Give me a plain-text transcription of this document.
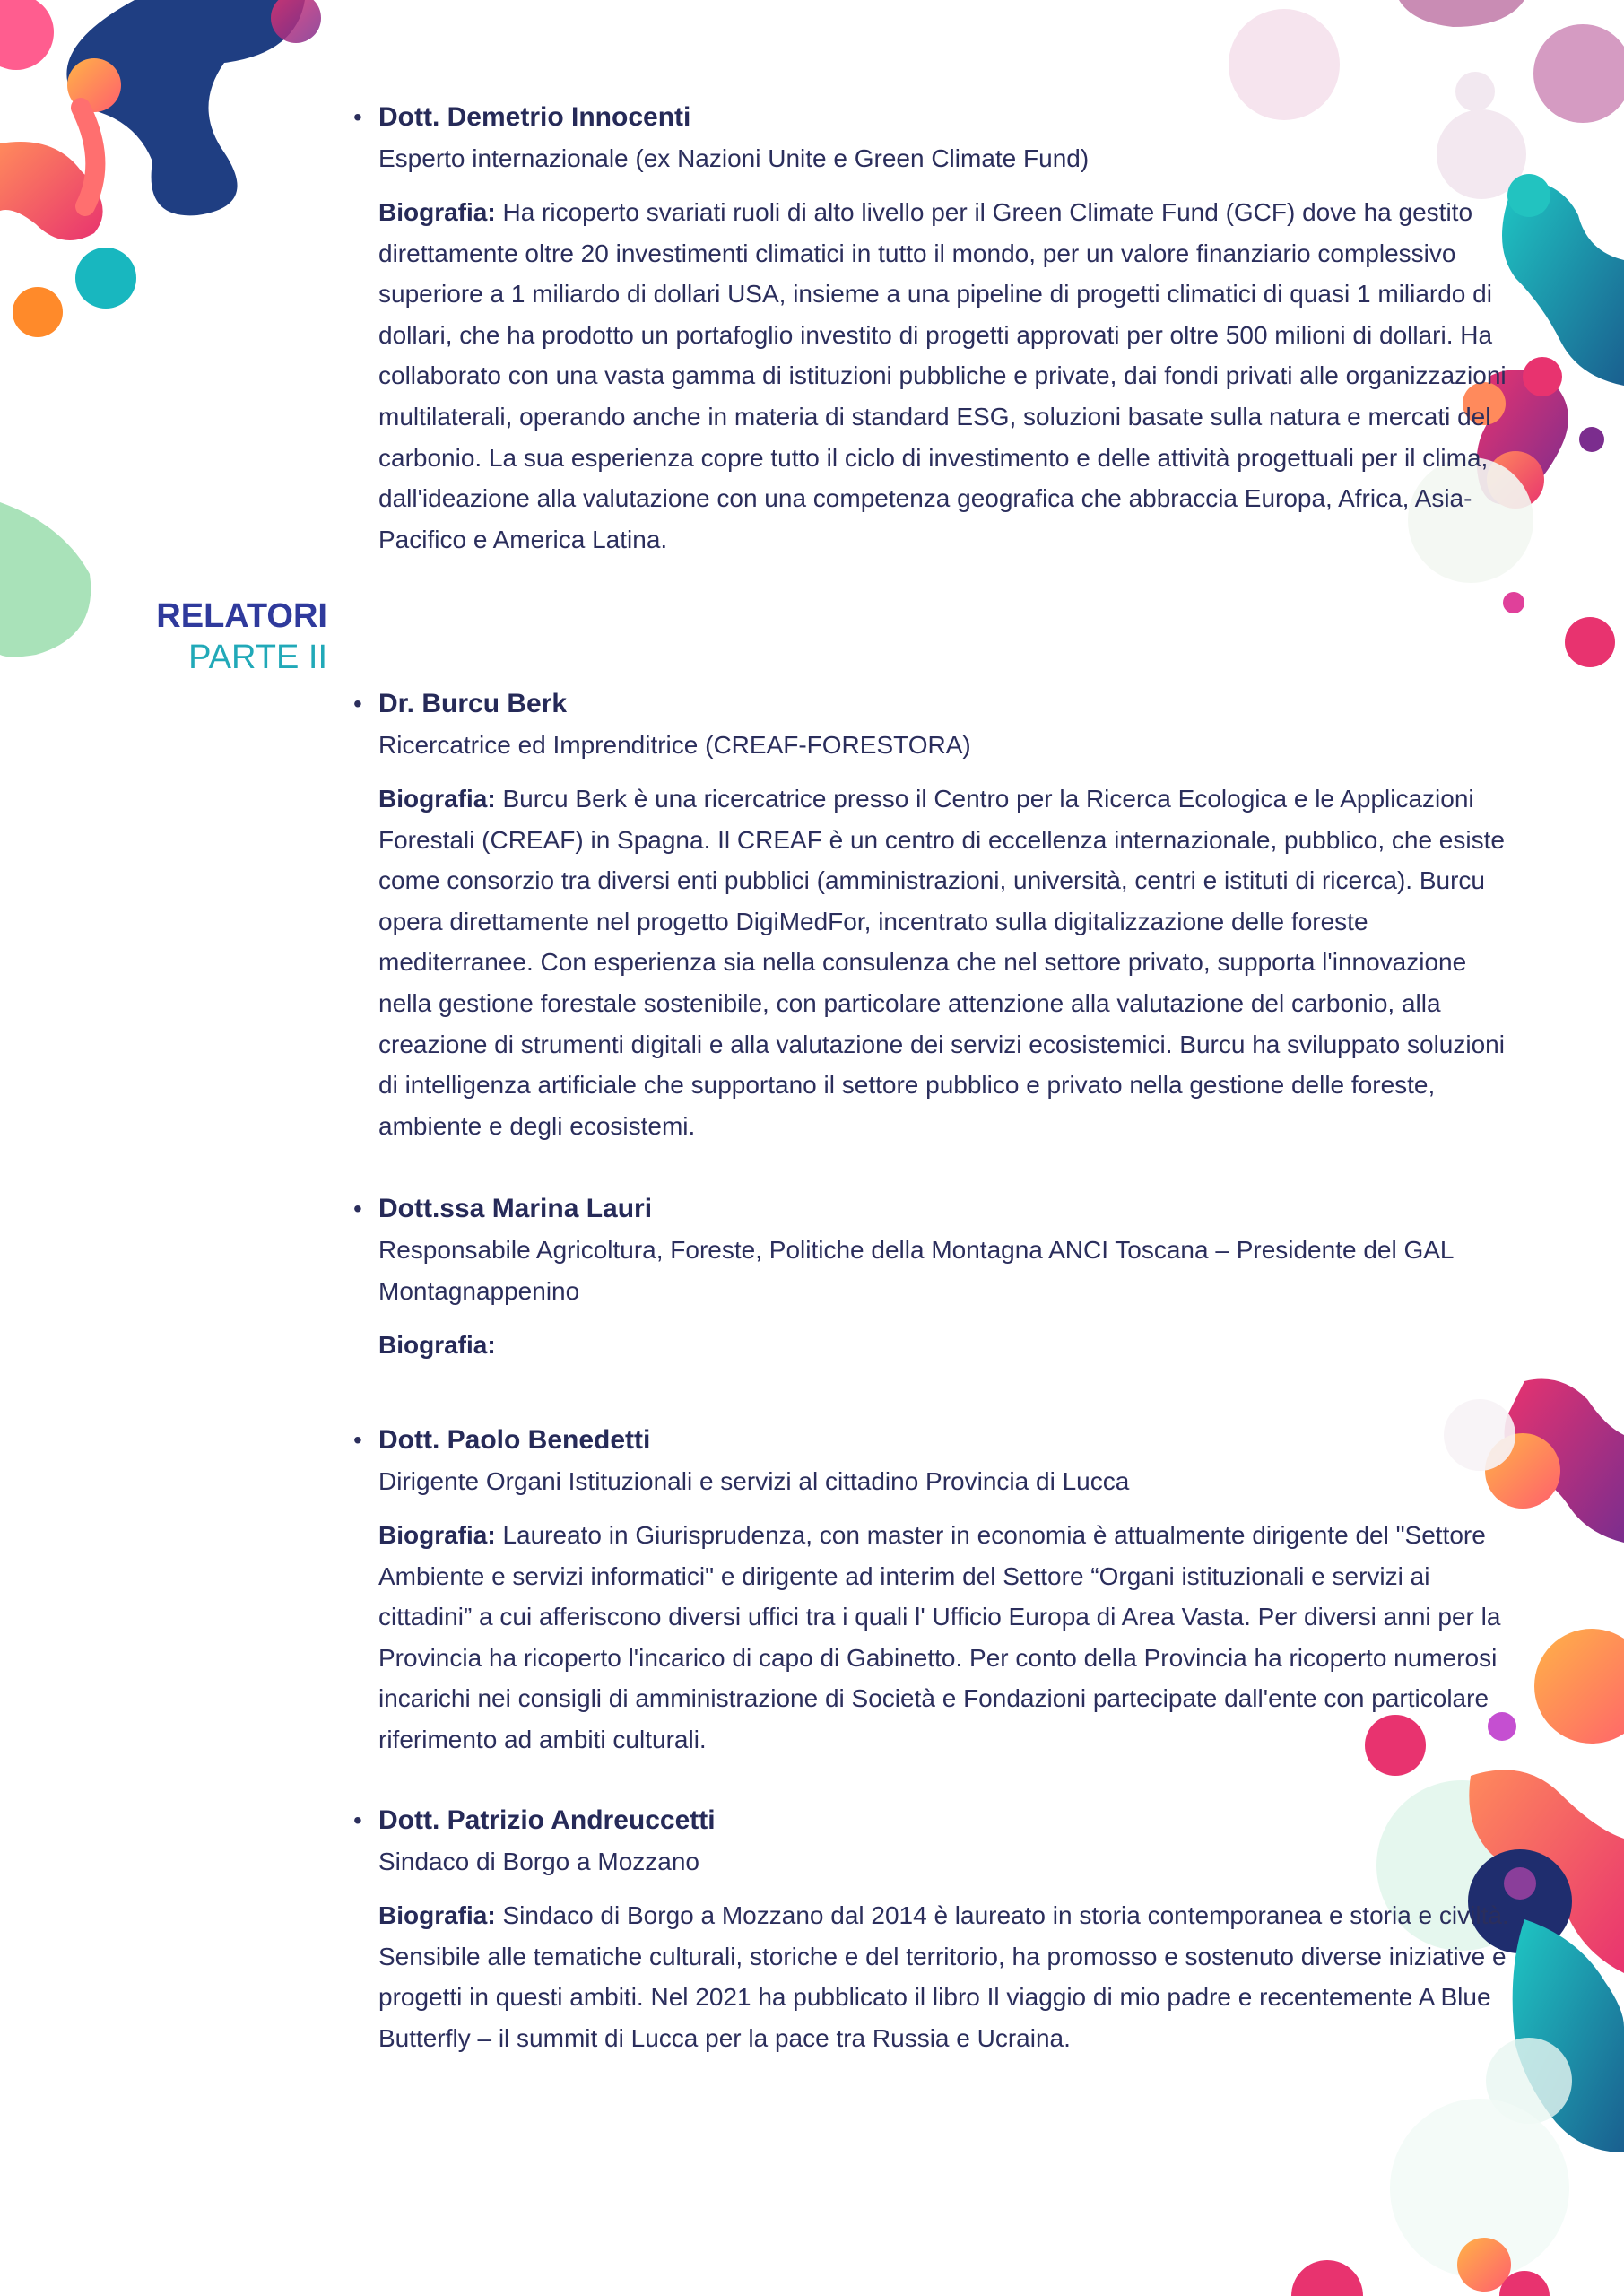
RELATORI
PARTE II
• Dott. Demetrio Innocenti

Esperto internazionale (ex Nazioni Unite e Green Climate Fund)

Biografia: Ha ricoperto svariati ruoli di alto livello per il Green Climate Fund (GCF) dove ha gestito direttamente oltre 20 investimenti climatici in tutto il mondo, per un valore finanziario complessivo superiore a 1 miliardo di dollari USA, insieme a una pipeline di progetti climatici di quasi 1 miliardo di dollari, che ha prodotto un portafoglio investito di progetti approvati per oltre 500 milioni di dollari. Ha collaborato con una vasta gamma di istituzioni pubbliche e private, dai fondi privati alle organizzazioni multilaterali, operando anche in materia di standard ESG, soluzioni basate sulla natura e mercati del carbonio. La sua esperienza copre tutto il ciclo di investimento e delle attività progettuali per il clima, dall'ideazione alla valutazione con una competenza geografica che abbraccia Europa, Africa, Asia-Pacifico e America Latina.

• Dr. Burcu Berk

Ricercatrice ed Imprenditrice (CREAF-FORESTORA)

Biografia: Burcu Berk è una ricercatrice presso il Centro per la Ricerca Ecologica e le Applicazioni Forestali (CREAF) in Spagna. Il CREAF è un centro di eccellenza internazionale, pubblico, che esiste come consorzio tra diversi enti pubblici (amministrazioni, università, centri e istituti di ricerca). Burcu opera direttamente nel progetto DigiMedFor, incentrato sulla digitalizzazione delle foreste mediterranee. Con esperienza sia nella consulenza che nel settore privato, supporta l'innovazione nella gestione forestale sostenibile, con particolare attenzione alla valutazione del carbonio, alla creazione di strumenti digitali e alla valutazione dei servizi ecosistemici. Burcu ha sviluppato soluzioni di intelligenza artificiale che supportano il settore pubblico e privato nella gestione delle foreste, ambiente e degli ecosistemi.

• Dott.ssa Marina Lauri

Responsabile Agricoltura, Foreste, Politiche della Montagna ANCI Toscana – Presidente del GAL Montagnappenino

Biografia:

• Dott. Paolo Benedetti

Dirigente Organi Istituzionali e servizi al cittadino Provincia di Lucca

Biografia: Laureato in Giurisprudenza, con master in economia è attualmente dirigente del "Settore Ambiente e servizi informatici" e dirigente ad interim del Settore “Organi istituzionali e servizi ai cittadini” a cui afferiscono diversi uffici tra i quali l' Ufficio Europa di Area Vasta. Per diversi anni per la Provincia ha ricoperto l'incarico di capo di Gabinetto. Per conto della Provincia ha ricoperto numerosi incarichi nei consigli di amministrazione di Società e Fondazioni partecipate dall'ente con particolare riferimento ad ambiti culturali.

• Dott. Patrizio Andreuccetti

Sindaco di Borgo a Mozzano

Biografia: Sindaco di Borgo a Mozzano dal 2014 è laureato in storia contemporanea e storia e civiltà. Sensibile alle tematiche culturali, storiche e del territorio, ha promosso e sostenuto diverse iniziative e progetti in questi ambiti. Nel 2021 ha pubblicato il libro Il viaggio di mio padre e recentemente A Blue Butterfly – il summit di Lucca per la pace tra Russia e Ucraina.
